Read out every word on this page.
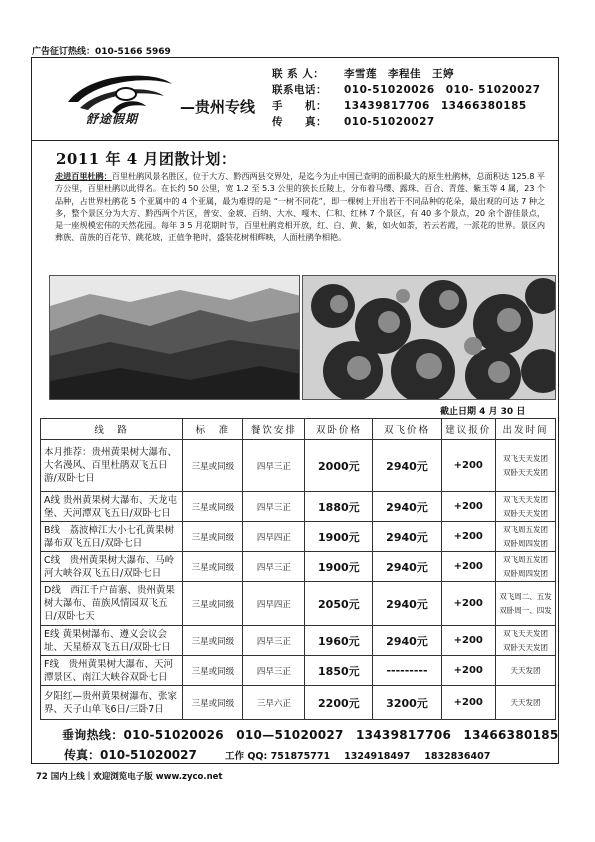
广告征订热线：010-5166 5969
舒途假期
—贵州专线
联 系 人： 李雪莲　李程佳　王婷
联系电话： 010-51020026　010- 51020027
手　　机： 13439817706　13466380185
传　　真： 010-51020027
2011 年 4 月团散计划：
走进百里杜鹃：百里杜鹃风景名胜区，位于大方、黔西两县交界处，是迄今为止中国已查明的面积最大的原生杜鹃林，总面积达 125.8 平方公里，百里杜鹃以此得名。在长约 50 公里，宽 1.2 至 5.3 公里的狭长丘陵上，分布着马缨、露珠、百合、青莲、紫玉等 4 属，23 个品种，占世界杜鹃花 5 个亚属中的 4 个亚属，最为难得的是 “一树不同花”，即一棵树上开出若干不同品种的花朵，最出观的可达 7 种之多，整个景区分为大方、黔西两个片区，普安、金坡、百纳、大水、嘎木、仁和、红林 7 个景区，有 40 多个景点，20 余个游佳景点，是一座规模宏伟的天然花园。每年 3 5 月花期时节，百里杜鹃竞相开放，红、白、黄、紫，如火如荼，若云若霞，一派花的世界。景区内彝族、苗族的百花节、跳花坡，正值争艳时，盛装花树相辉映，人面杜鹃争相艳。
截止日期 4 月 30 日
线　路	标　准	餐饮安排	双卧价格	双飞价格	建议报价	出发时间
本月推荐：贵州黄果树大瀑布、大名漫风、百里杜鹃双飞五日游/双卧七日	三星或同级	四早三正	2000元	2940元	+200	双飞天天发团
双卧天天发团
A线 贵州黄果树大瀑布、天龙屯堡、天河潭双飞五日/双卧七日	三星或同级	四早三正	1880元	2940元	+200	双飞天天发团
双卧天天发团
B线　荔波樟江大小七孔黄果树瀑布双飞五日/双卧七日	三星或同级	四早四正	1900元	2940元	+200	双飞周五发团
双卧周四发团
C线　贵州黄果树大瀑布、马岭河大峡谷双飞五日/双卧七日	三星或同级	四早三正	1900元	2940元	+200	双飞周五发团
双卧周四发团
D线　西江千户苗寨、贵州黄果树大瀑布、苗族风情园双飞五日/双卧七天	三星或同级	四早四正	2050元	2940元	+200	双飞周二、五发
双卧周一、四发
E线 黄果树瀑布、遵义会议会址、天星桥双飞五日/双卧七日	三星或同级	四早三正	1960元	2940元	+200	双飞天天发团
双卧天天发团
F线　贵州黄果树大瀑布、天河潭景区、南江大峡谷双卧七日	三星或同级	四早三正	1850元	---------	+200	天天发团
夕阳红—贵州黄果树瀑布、张家界、天子山单飞6日/三卧7日	三星或同级	三早六正	2200元	3200元	+200	天天发团
垂询热线：010-51020026　010—51020027　13439817706　13466380185
传真：010-51020027	工作 QQ: 751875771 1324918497 1832836407
72 国内上线｜欢迎浏览电子版 www.zyco.net
